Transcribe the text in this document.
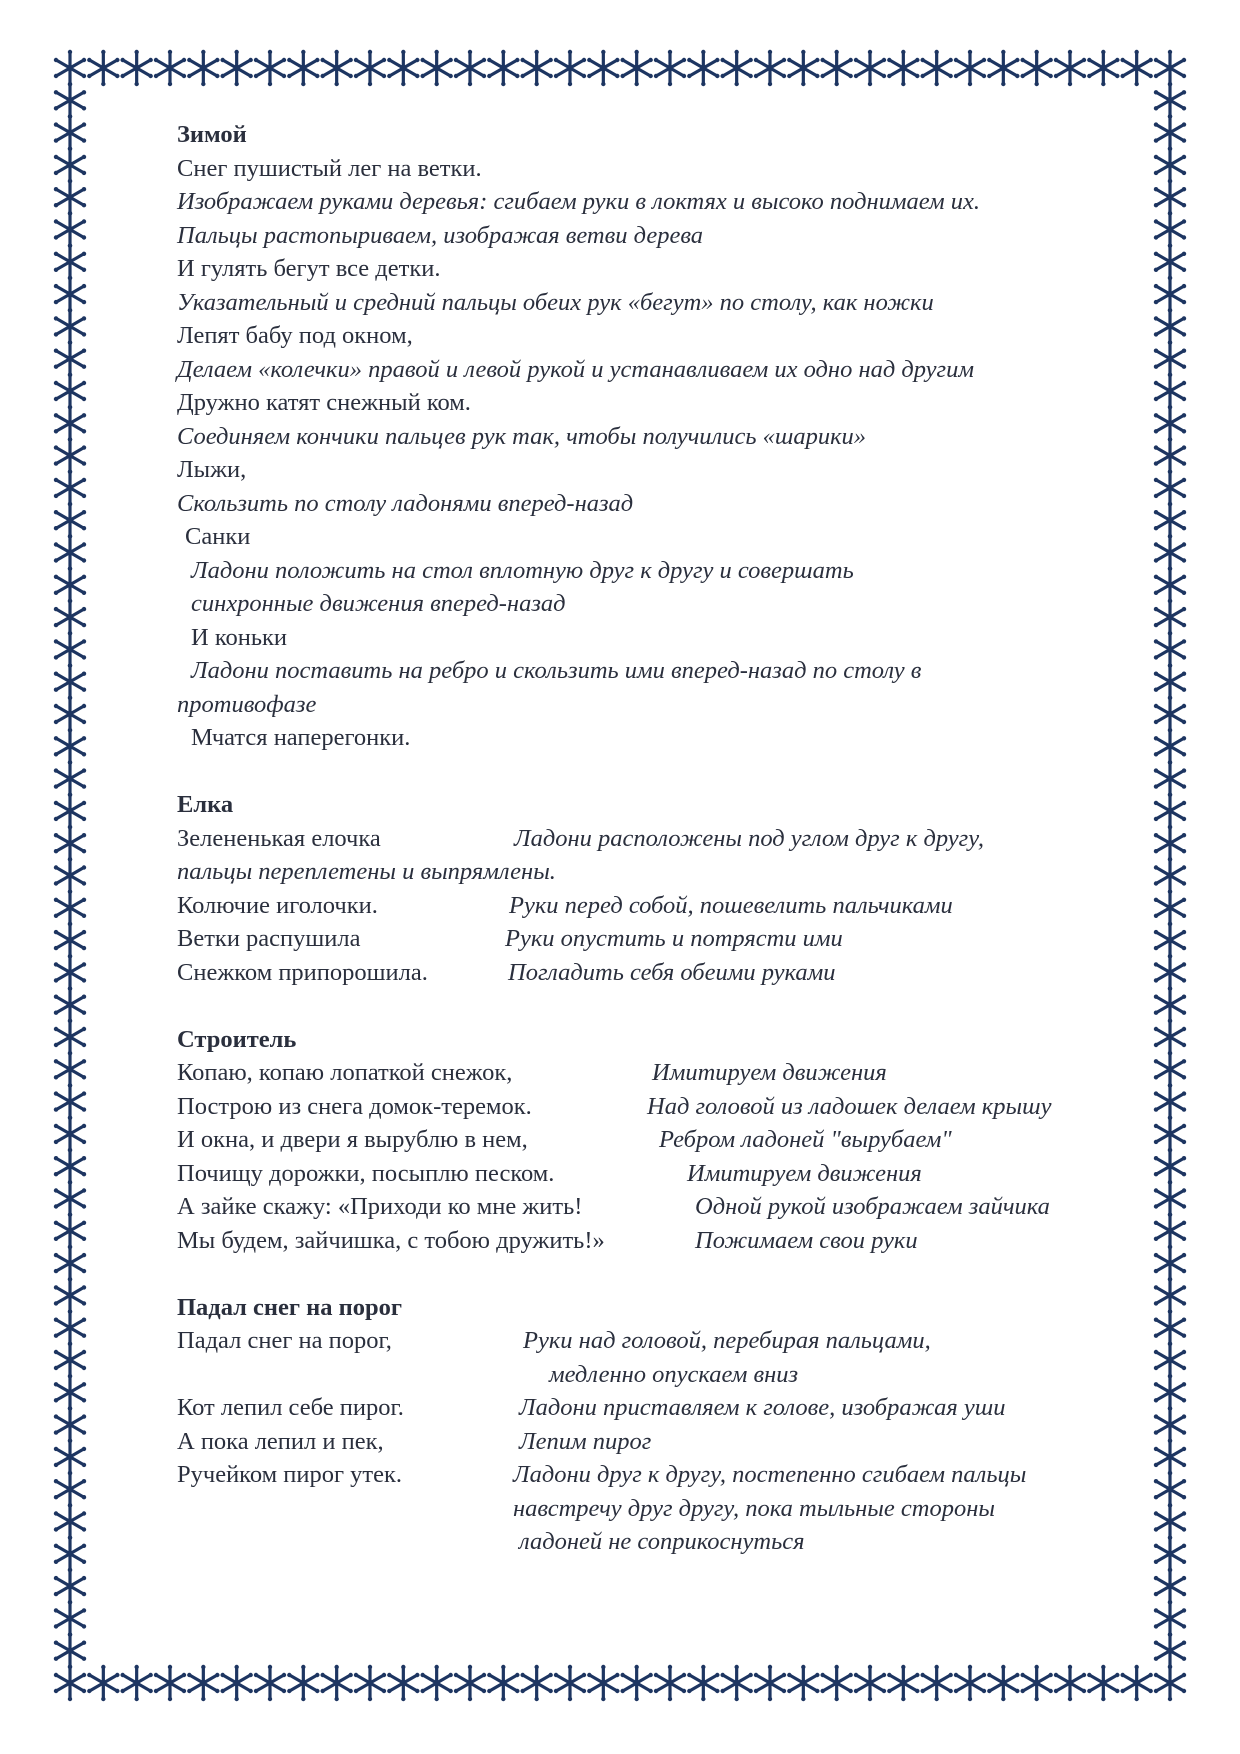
Зимой
Снег пушистый лег на ветки.
Изображаем руками деревья: сгибаем руки в локтях и высоко поднимаем их.
Пальцы растопыриваем, изображая ветви дерева
И гулять бегут все детки.
Указательный и средний пальцы обеих рук «бегут» по столу, как ножки
Лепят бабу под окном,
Делаем «колечки» правой и левой рукой и устанавливаем их одно над другим
Дружно катят снежный ком.
Соединяем кончики пальцев рук так, чтобы получились «шарики»
Лыжи,
Скользить по столу ладонями вперед-назад
Санки
Ладони положить на стол вплотную друг к другу и совершать
синхронные движения вперед-назад
И коньки
Ладони поставить на ребро и скользить ими вперед-назад по столу в
противофазе
Мчатся наперегонки.
Елка
Зелененькая елочка	Ладони расположены под углом друг к другу,
пальцы переплетены и выпрямлены.
Колючие иголочки.	Руки перед собой, пошевелить пальчиками
Ветки распушила	Руки опустить и потрясти ими
Снежком припорошила.	Погладить себя обеими руками
Строитель
Копаю, копаю лопаткой снежок,	Имитируем движения
Построю из снега домок-теремок.	Над головой из ладошек делаем крышу
И окна, и двери я вырублю в нем,	Ребром ладоней "вырубаем"
Почищу дорожки, посыплю песком.	Имитируем движения
А зайке скажу: «Приходи ко мне жить!	Одной рукой изображаем зайчика
Мы будем, зайчишка, с тобою дружить!»	Пожимаем свои руки
Падал снег на порог
Падал снег на порог,	Руки над головой, перебирая пальцами,
медленно опускаем вниз
Кот лепил себе пирог.	Ладони приставляем к голове, изображая уши
А пока лепил и пек,	Лепим пирог
Ручейком пирог утек.	Ладони друг к другу, постепенно сгибаем пальцы
навстречу друг другу, пока тыльные стороны
ладоней не соприкоснуться
